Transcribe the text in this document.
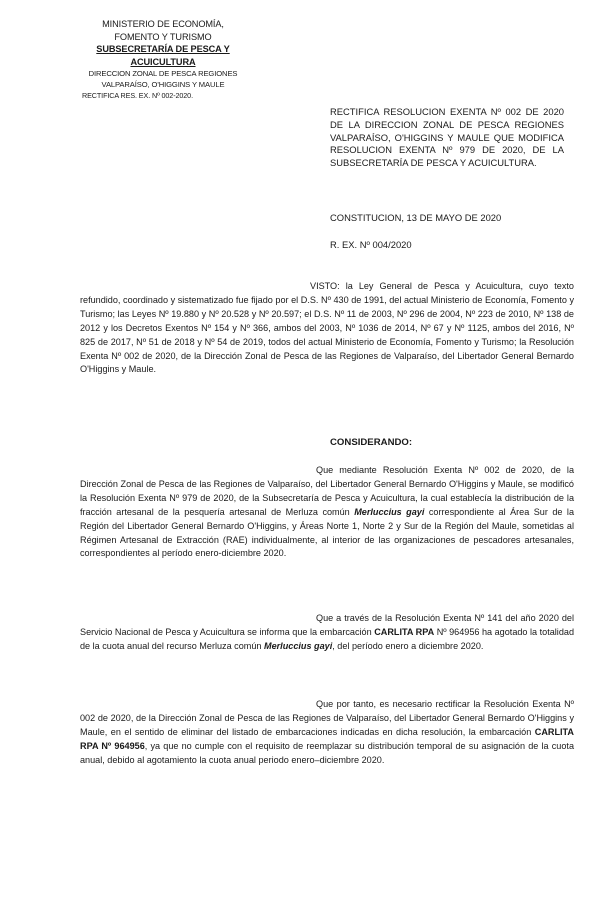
MINISTERIO DE ECONOMÍA,
FOMENTO Y TURISMO
SUBSECRETARÍA DE PESCA Y ACUICULTURA
DIRECCION ZONAL DE PESCA REGIONES
VALPARAÍSO, O'HIGGINS Y MAULE
RECTIFICA RES. EX. Nº 002-2020.
RECTIFICA RESOLUCION EXENTA Nº 002 DE 2020 DE LA DIRECCION ZONAL DE PESCA REGIONES VALPARAÍSO, O'HIGGINS Y MAULE QUE MODIFICA RESOLUCION EXENTA Nº 979 DE 2020, DE LA SUBSECRETARÍA DE PESCA Y ACUICULTURA.
CONSTITUCION, 13 DE MAYO DE 2020
R. EX. Nº 004/2020
VISTO: la Ley General de Pesca y Acuicultura, cuyo texto refundido, coordinado y sistematizado fue fijado por el D.S. Nº 430 de 1991, del actual Ministerio de Economía, Fomento y Turismo; las Leyes Nº 19.880 y Nº 20.528 y Nº 20.597; el D.S. Nº 11 de 2003, Nº 296 de 2004, Nº 223 de 2010, Nº 138 de 2012 y los Decretos Exentos Nº 154 y Nº 366, ambos del 2003, Nº 1036 de 2014, Nº 67 y Nº 1125, ambos del 2016, Nº 825 de 2017, Nº 51 de 2018 y Nº 54 de 2019, todos del actual Ministerio de Economía, Fomento y Turismo; la Resolución Exenta Nº 002 de 2020, de la Dirección Zonal de Pesca de las Regiones de Valparaíso, del Libertador General Bernardo O'Higgins y Maule.
CONSIDERANDO:
Que mediante Resolución Exenta Nº 002 de 2020, de la Dirección Zonal de Pesca de las Regiones de Valparaíso, del Libertador General Bernardo O'Higgins y Maule, se modificó la Resolución Exenta Nº 979 de 2020, de la Subsecretaría de Pesca y Acuicultura, la cual establecía la distribución de la fracción artesanal de la pesquería artesanal de Merluza común Merluccius gayi correspondiente al Área Sur de la Región del Libertador General Bernardo O'Higgins, y Áreas Norte 1, Norte 2 y Sur de la Región del Maule, sometidas al Régimen Artesanal de Extracción (RAE) individualmente, al interior de las organizaciones de pescadores artesanales, correspondientes al período enero-diciembre 2020.
Que a través de la Resolución Exenta Nº 141 del año 2020 del Servicio Nacional de Pesca y Acuicultura se informa que la embarcación CARLITA RPA Nº 964956 ha agotado la totalidad de la cuota anual del recurso Merluza común Merluccius gayi, del período enero a diciembre 2020.
Que por tanto, es necesario rectificar la Resolución Exenta Nº 002 de 2020, de la Dirección Zonal de Pesca de las Regiones de Valparaíso, del Libertador General Bernardo O'Higgins y Maule, en el sentido de eliminar del listado de embarcaciones indicadas en dicha resolución, la embarcación CARLITA RPA Nº 964956, ya que no cumple con el requisito de reemplazar su distribución temporal de su asignación de la cuota anual, debido al agotamiento la cuota anual periodo enero–diciembre 2020.
